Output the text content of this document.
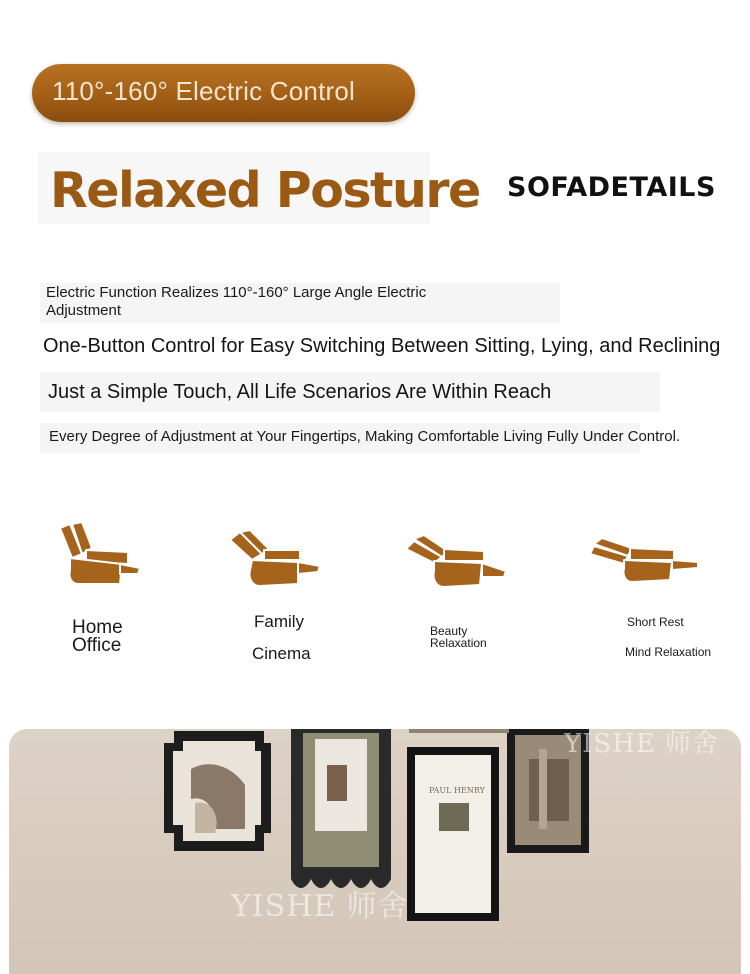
110°-160° Electric Control
Relaxed Posture SOFADETAILS
Electric Function Realizes 110°-160° Large Angle Electric Adjustment
One-Button Control for Easy Switching Between Sitting, Lying, and Reclining
Just a Simple Touch, All Life Scenarios Are Within Reach
Every Degree of Adjustment at Your Fingertips, Making Comfortable Living Fully Under Control.
Home
Office
Family
Cinema
Beauty
Relaxation
Short Rest
Mind Relaxation
PAUL HENRY
YISHE 师舍
YISHE 师舍
